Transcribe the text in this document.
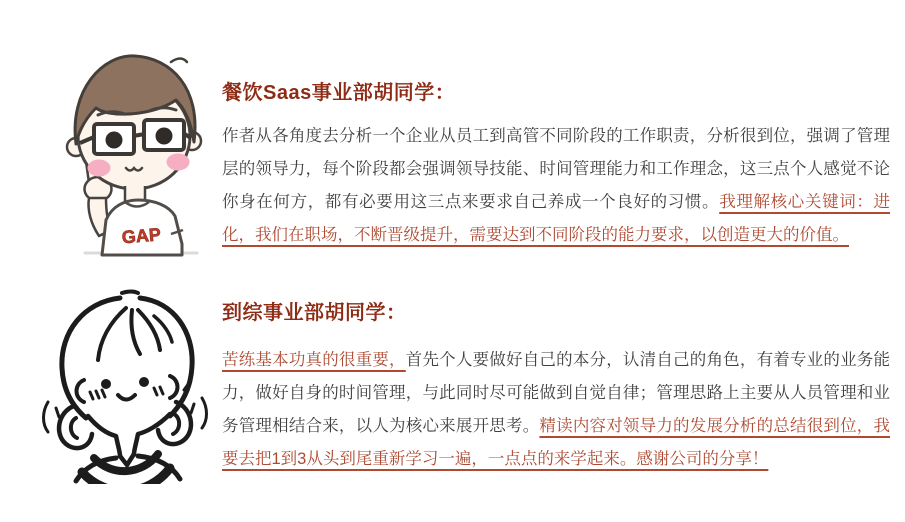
GAP
餐饮Saas事业部胡同学：

作者从各角度去分析一个企业从员工到高管不同阶段的工作职责，分析很到位，强调了管理层的领导力，每个阶段都会强调领导技能、时间管理能力和工作理念，这三点个人感觉不论你身在何方，都有必要用这三点来要求自己养成一个良好的习惯。我理解核心关键词：进化，我们在职场，不断晋级提升，需要达到不同阶段的能力要求，以创造更大的价值。

到综事业部胡同学：

苦练基本功真的很重要，首先个人要做好自己的本分，认清自己的角色，有着专业的业务能力，做好自身的时间管理，与此同时尽可能做到自觉自律；管理思路上主要从人员管理和业务管理相结合来，以人为核心来展开思考。精读内容对领导力的发展分析的总结很到位，我要去把1到3从头到尾重新学习一遍，一点点的来学起来。感谢公司的分享！
